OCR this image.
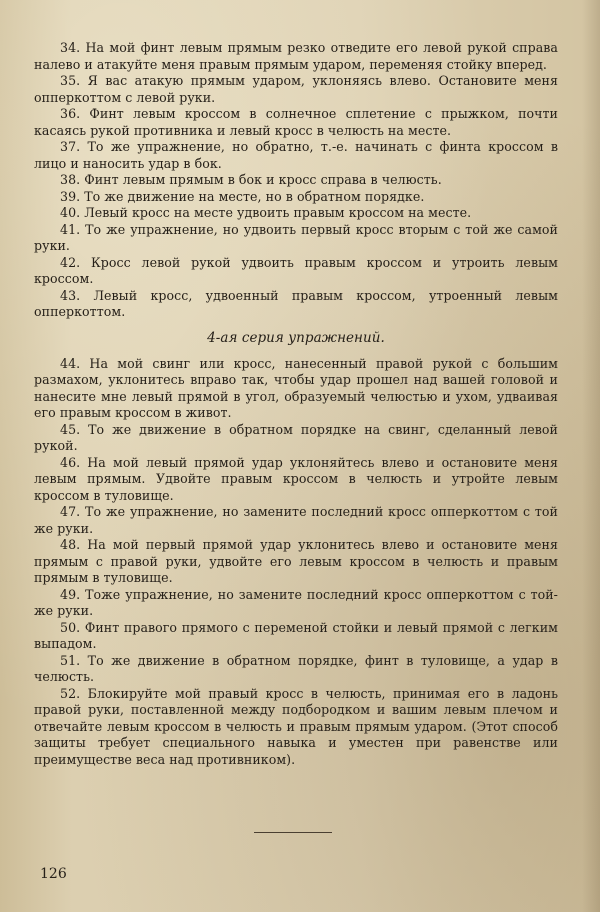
34. На мой финт левым прямым резко отведите его левой рукой справа налево и атакуйте меня правым прямым ударом, переменяя стойку вперед.

35. Я вас атакую прямым ударом, уклоняясь влево. Остановите меня опперкоттом с левой руки.

36. Финт левым кроссом в солнечное сплетение с прыжком, почти касаясь рукой противника и левый кросс в челюсть на месте.

37. То же упражнение, но обратно, т.-е. начинать с финта кроссом в лицо и наносить удар в бок.

38. Финт левым прямым в бок и кросс справа в челюсть.

39. То же движение на месте, но в обратном порядке.

40. Левый кросс на месте удвоить правым кроссом на месте.

41. То же упражнение, но удвоить первый кросс вторым с той же самой руки.

42. Кросс левой рукой удвоить правым кроссом и утроить левым кроссом.

43. Левый кросс, удвоенный правым кроссом, утроенный левым опперкоттом.

4-ая серия упражнений.

44. На мой свинг или кросс, нанесенный правой рукой с большим размахом, уклонитесь вправо так, чтобы удар прошел над вашей головой и нанесите мне левый прямой в угол, образуемый челюстью и ухом, удваивая его правым кроссом в живот.

45. То же движение в обратном порядке на свинг, сделанный левой рукой.

46. На мой левый прямой удар уклоняйтесь влево и остановите меня левым прямым. Удвойте правым кроссом в челюсть и утройте левым кроссом в туловище.

47. То же упражнение, но замените последний кросс опперкоттом с той же руки.

48. На мой первый прямой удар уклонитесь влево и остановите меня прямым с правой руки, удвойте его левым кроссом в челюсть и правым прямым в туловище.

49. Тоже упражнение, но замените последний кросс опперкоттом с той-же руки.

50. Финт правого прямого с переменой стойки и левый прямой с легким выпадом.

51. То же движение в обратном порядке, финт в туловище, а удар в челюсть.

52. Блокируйте мой правый кросс в челюсть, принимая его в ладонь правой руки, поставленной между подбородком и вашим левым плечом и отвечайте левым кроссом в челюсть и правым прямым ударом. (Этот способ защиты требует специального навыка и уместен при равенстве или преимуществе веса над противником).

126
